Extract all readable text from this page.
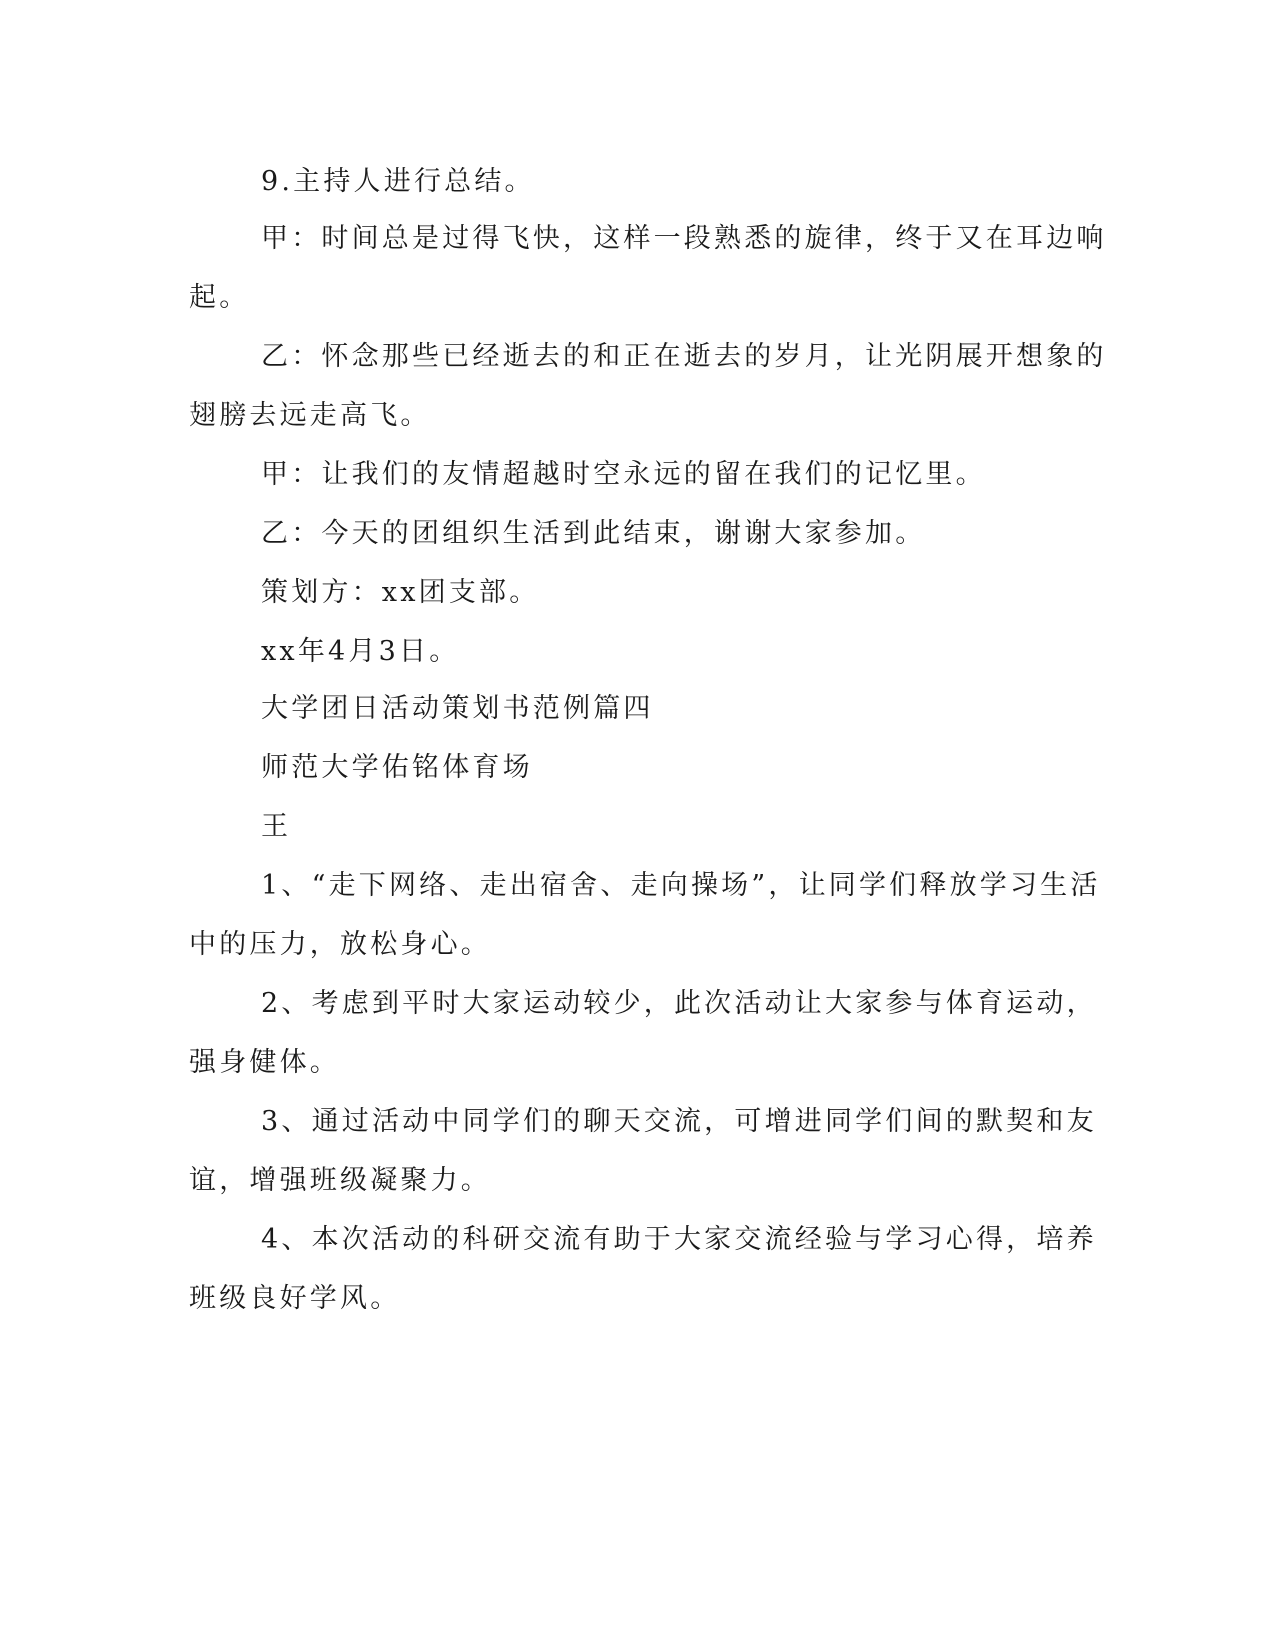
9.主持人进行总结。

甲：时间总是过得飞快，这样一段熟悉的旋律，终于又在耳边响

起。

乙：怀念那些已经逝去的和正在逝去的岁月，让光阴展开想象的

翅膀去远走高飞。

甲：让我们的友情超越时空永远的留在我们的记忆里。

乙：今天的团组织生活到此结束，谢谢大家参加。

策划方：xx团支部。

xx年4月3日。

大学团日活动策划书范例篇四

师范大学佑铭体育场

王

1、“走下网络、走出宿舍、走向操场”，让同学们释放学习生活

中的压力，放松身心。

2、考虑到平时大家运动较少，此次活动让大家参与体育运动，

强身健体。

3、通过活动中同学们的聊天交流，可增进同学们间的默契和友

谊，增强班级凝聚力。

4、本次活动的科研交流有助于大家交流经验与学习心得，培养

班级良好学风。
